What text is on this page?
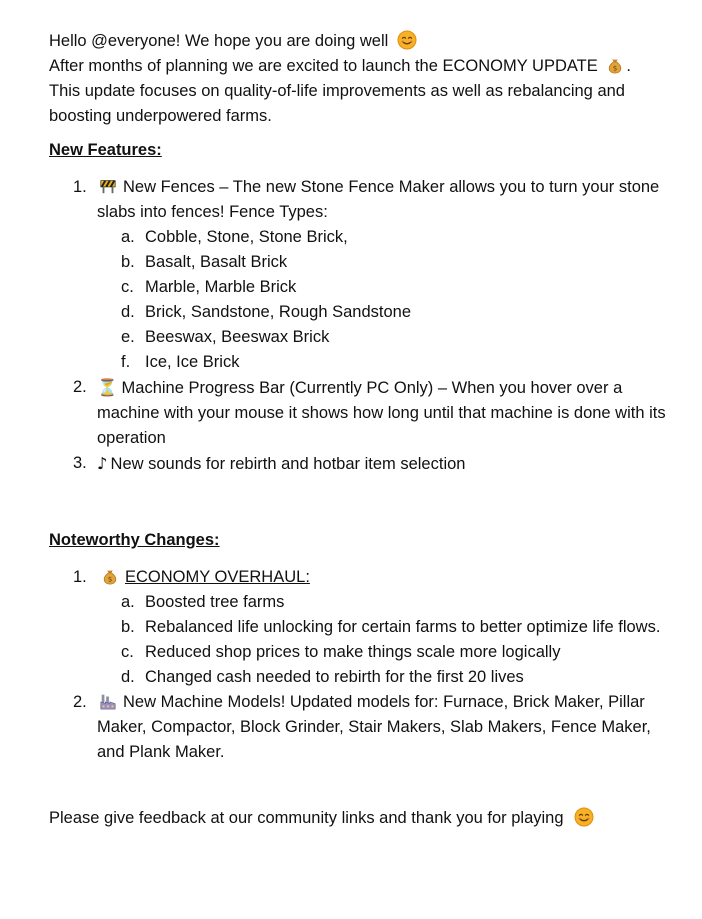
Hello @everyone! We hope you are doing well

After months of planning we are excited to launch the ECONOMY UPDATE $ .

This update focuses on quality-of-life improvements as well as rebalancing and boosting underpowered farms.

New Features:

1. New Fences – The new Stone Fence Maker allows you to turn your stone slabs into fences! Fence Types:
a. Cobble, Stone, Stone Brick,
b. Basalt, Basalt Brick
c. Marble, Marble Brick
d. Brick, Sandstone, Rough Sandstone
e. Beeswax, Beeswax Brick
f. Ice, Ice Brick
2. ⏳ Machine Progress Bar (Currently PC Only) – When you hover over a machine with your mouse it shows how long until that machine is done with its operation
3. ♪ New sounds for rebirth and hotbar item selection

Noteworthy Changes:

1.	$ ECONOMY OVERHAUL:
a. Boosted tree farms
b. Rebalanced life unlocking for certain farms to better optimize life flows.
c. Reduced shop prices to make things scale more logically
d. Changed cash needed to rebirth for the first 20 lives
2. New Machine Models! Updated models for: Furnace, Brick Maker, Pillar Maker, Compactor, Block Grinder, Stair Makers, Slab Makers, Fence Maker, and Plank Maker.

Please give feedback at our community links and thank you for playing
